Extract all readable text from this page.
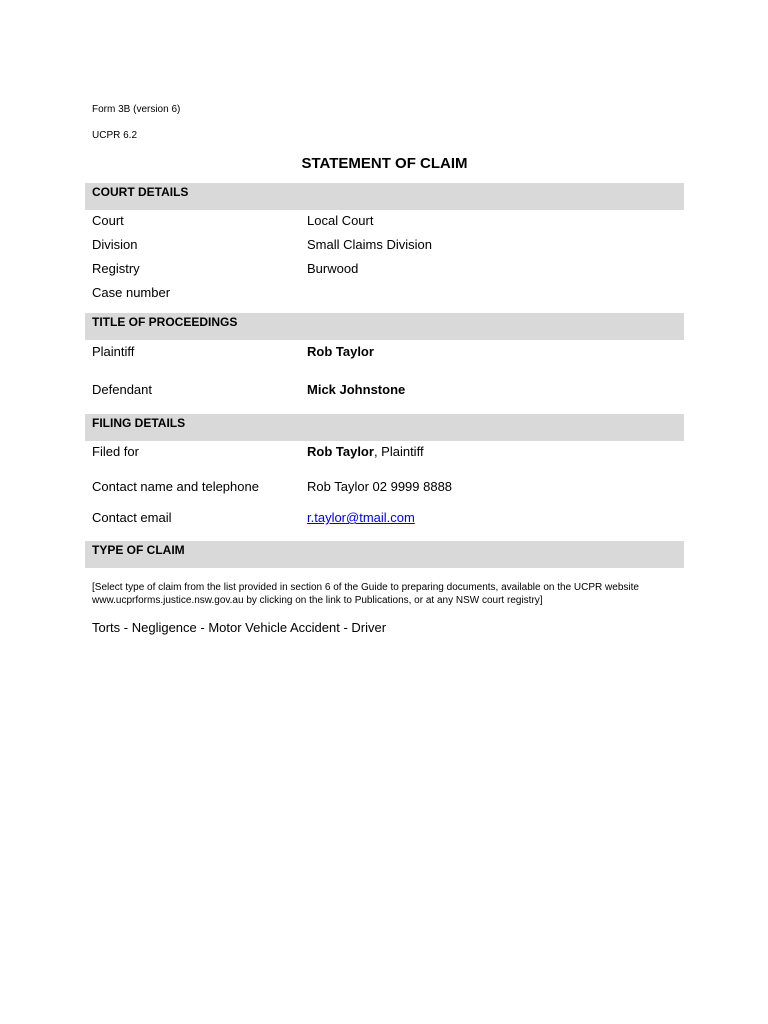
Form 3B (version 6)
UCPR 6.2
STATEMENT OF CLAIM
COURT DETAILS
Court	Local Court
Division	Small Claims Division
Registry	Burwood
Case number
TITLE OF PROCEEDINGS
Plaintiff	Rob Taylor
Defendant	Mick Johnstone
FILING DETAILS
Filed for	Rob Taylor, Plaintiff
Contact name and telephone	Rob Taylor 02 9999 8888
Contact email	r.taylor@tmail.com
TYPE OF CLAIM
[Select type of claim from the list provided in section 6 of the Guide to preparing documents, available on the UCPR website www.ucprforms.justice.nsw.gov.au by clicking on the link to Publications, or at any NSW court registry]
Torts - Negligence - Motor Vehicle Accident - Driver
